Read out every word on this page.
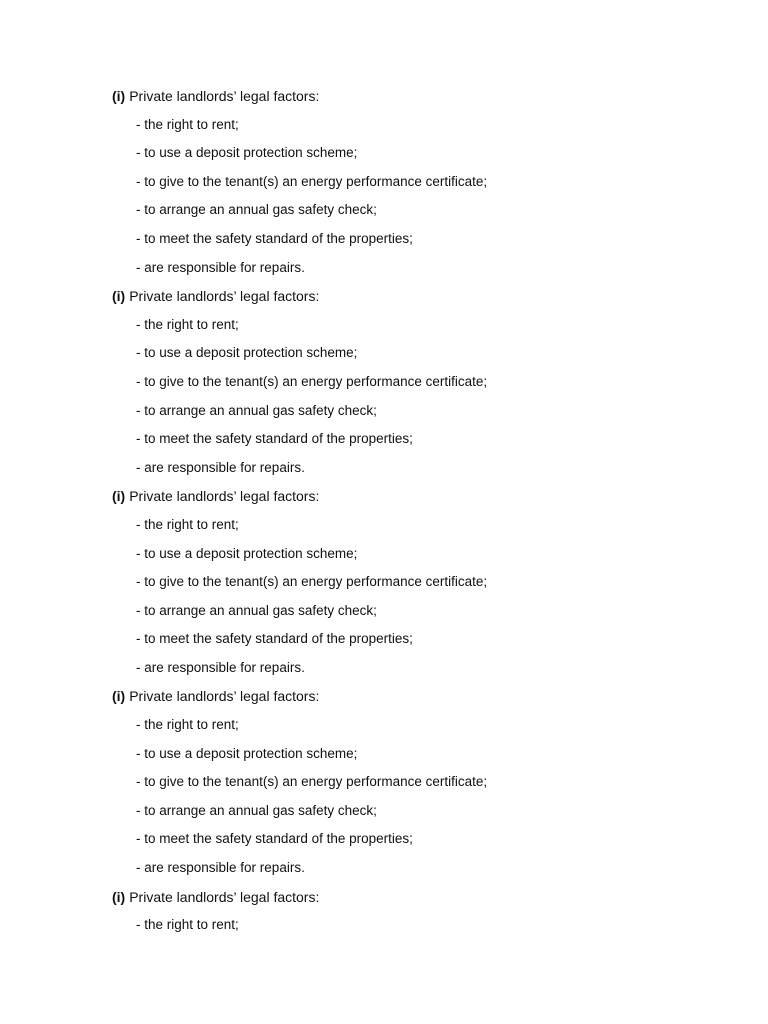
(i) Private landlords’ legal factors:
- the right to rent;
- to use a deposit protection scheme;
- to give to the tenant(s) an energy performance certificate;
- to arrange an annual gas safety check;
- to meet the safety standard of the properties;
- are responsible for repairs.
(i) Private landlords’ legal factors:
- the right to rent;
- to use a deposit protection scheme;
- to give to the tenant(s) an energy performance certificate;
- to arrange an annual gas safety check;
- to meet the safety standard of the properties;
- are responsible for repairs.
(i) Private landlords’ legal factors:
- the right to rent;
- to use a deposit protection scheme;
- to give to the tenant(s) an energy performance certificate;
- to arrange an annual gas safety check;
- to meet the safety standard of the properties;
- are responsible for repairs.
(i) Private landlords’ legal factors:
- the right to rent;
- to use a deposit protection scheme;
- to give to the tenant(s) an energy performance certificate;
- to arrange an annual gas safety check;
- to meet the safety standard of the properties;
- are responsible for repairs.
(i) Private landlords’ legal factors:
- the right to rent;
